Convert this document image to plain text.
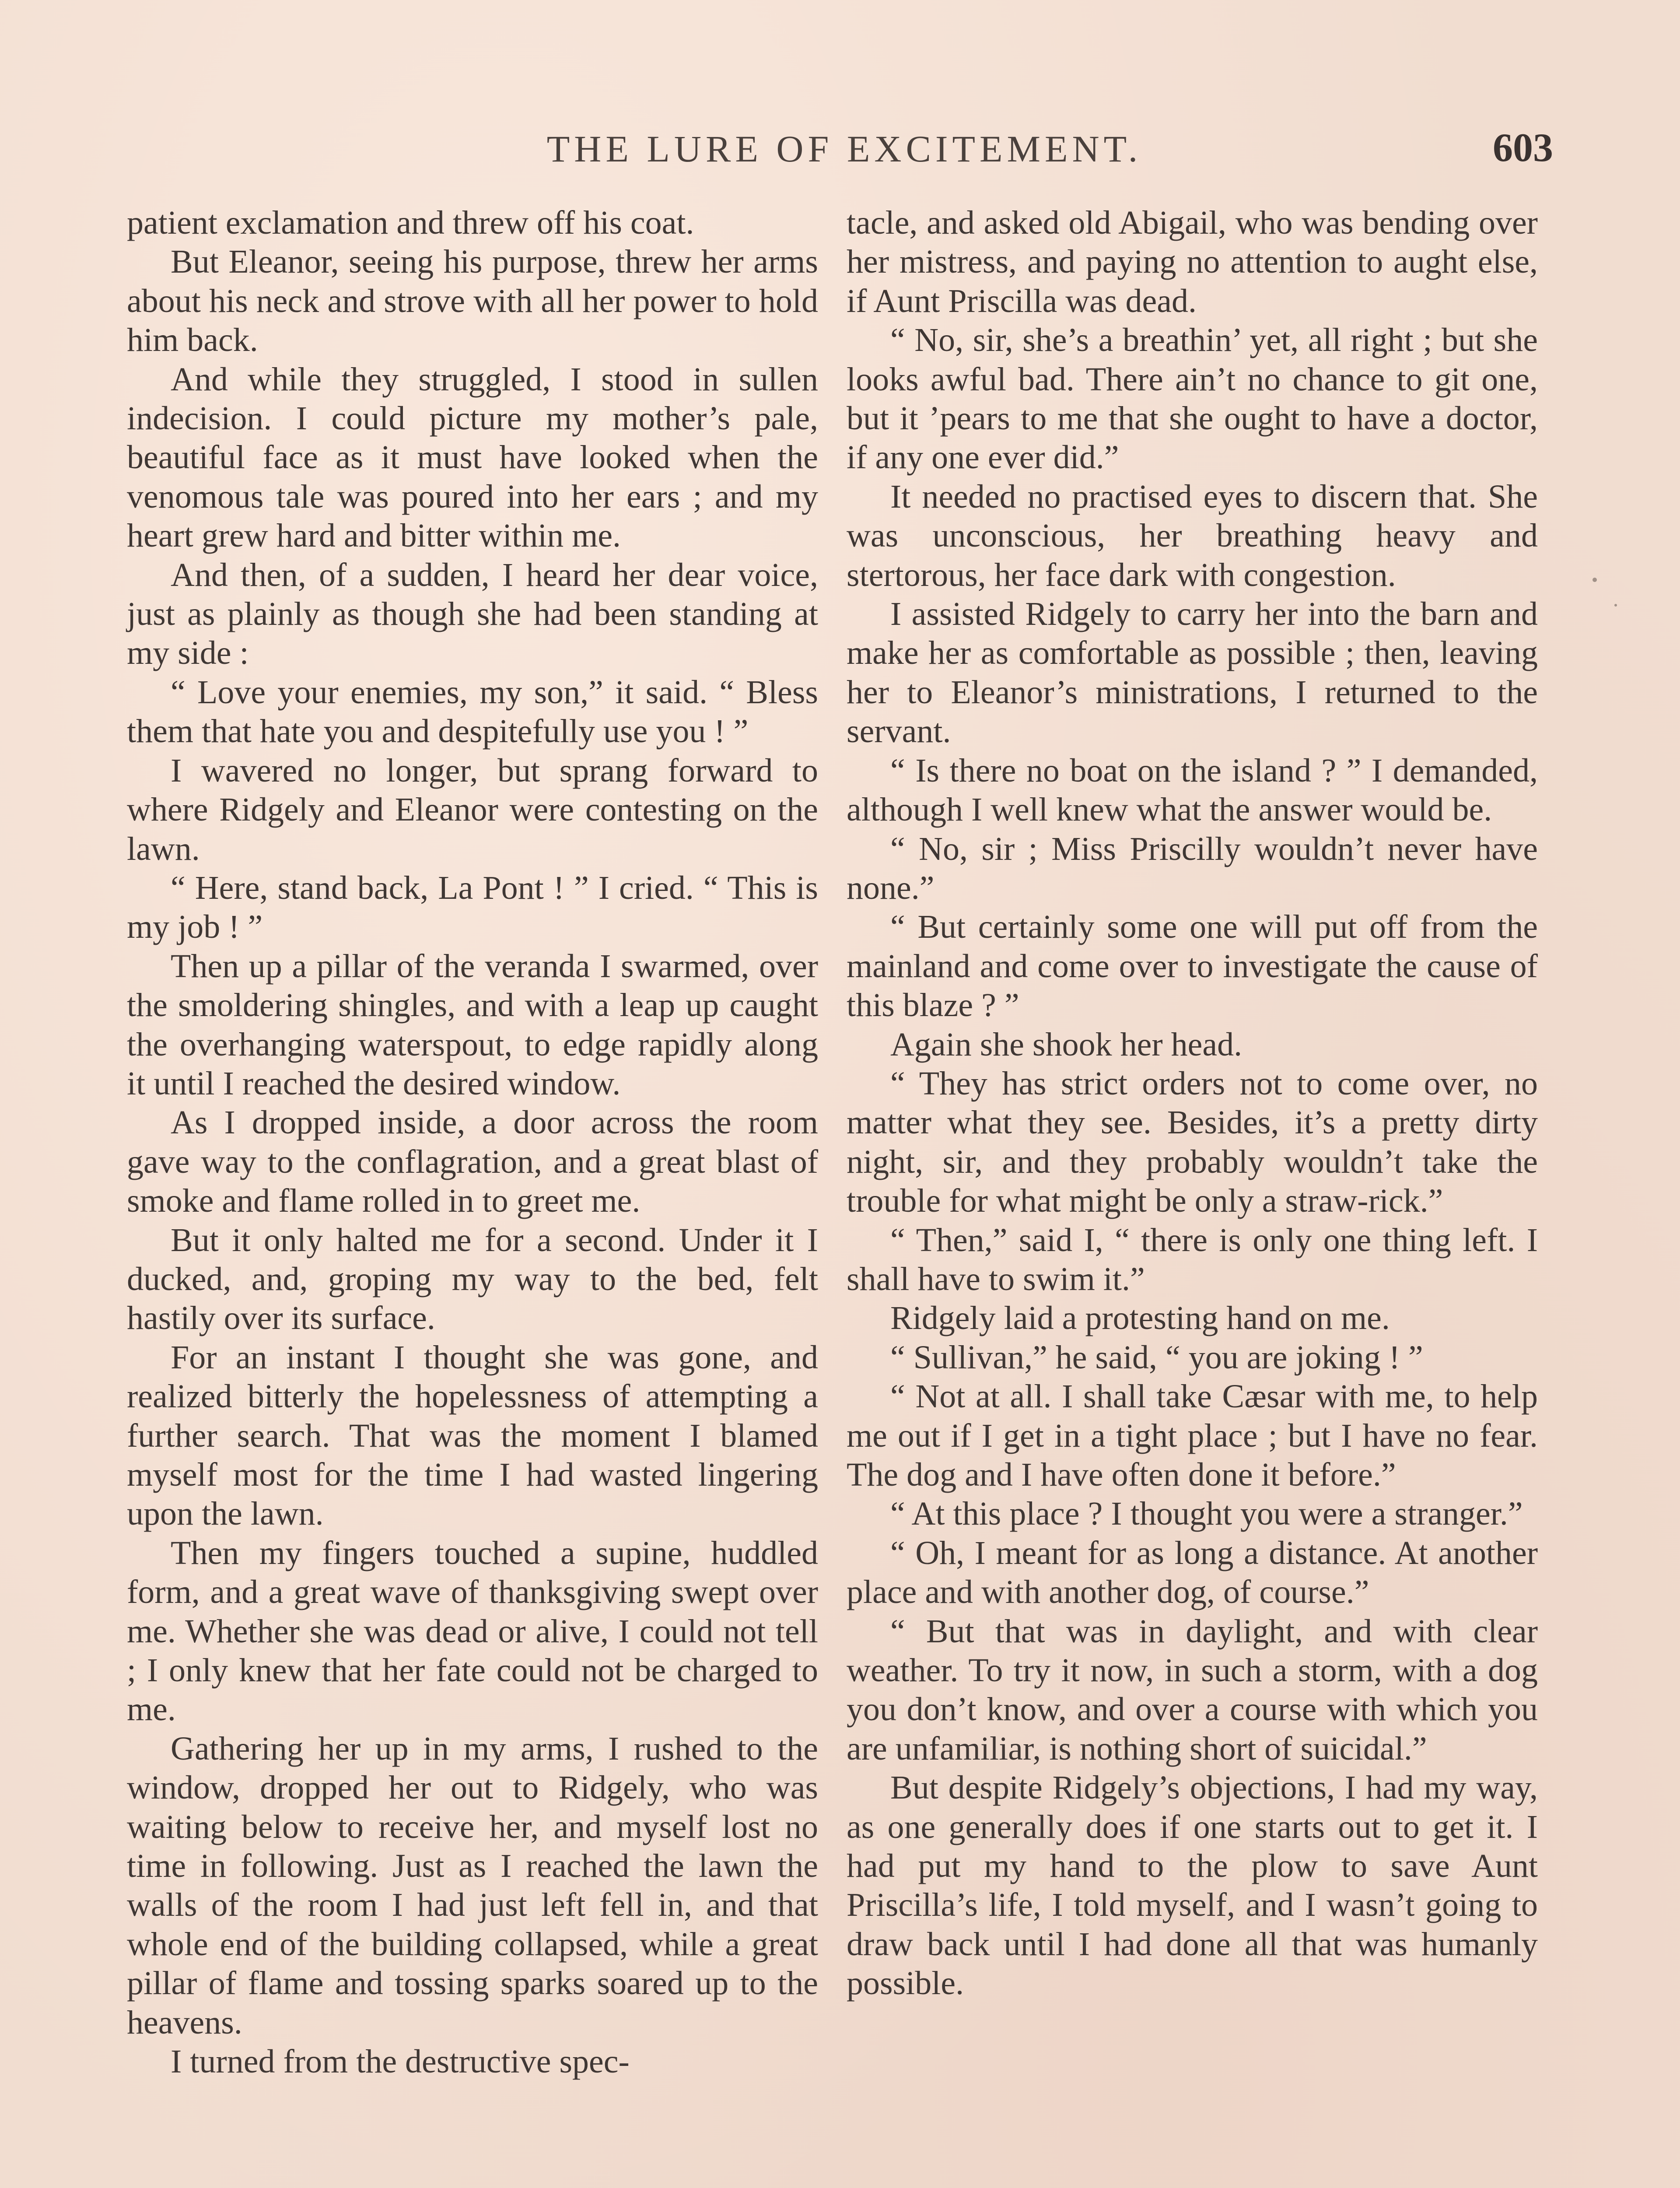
THE LURE OF EXCITEMENT.	603

patient exclamation and threw off his coat.

But Eleanor, seeing his purpose, threw her arms about his neck and strove with all her power to hold him back.

And while they struggled, I stood in sullen indecision. I could picture my mother’s pale, beautiful face as it must have looked when the venomous tale was poured into her ears ; and my heart grew hard and bitter within me.

And then, of a sudden, I heard her dear voice, just as plainly as though she had been standing at my side :

“ Love your enemies, my son,” it said. “ Bless them that hate you and despitefully use you ! ”

I wavered no longer, but sprang forward to where Ridgely and Eleanor were contesting on the lawn.

“ Here, stand back, La Pont ! ” I cried. “ This is my job ! ”

Then up a pillar of the veranda I swarmed, over the smoldering shingles, and with a leap up caught the overhanging waterspout, to edge rapidly along it until I reached the desired window.

As I dropped inside, a door across the room gave way to the conflagration, and a great blast of smoke and flame rolled in to greet me.

But it only halted me for a second. Under it I ducked, and, groping my way to the bed, felt hastily over its surface.

For an instant I thought she was gone, and realized bitterly the hopelessness of attempting a further search. That was the moment I blamed myself most for the time I had wasted lingering upon the lawn.

Then my fingers touched a supine, huddled form, and a great wave of thanksgiving swept over me. Whether she was dead or alive, I could not tell ; I only knew that her fate could not be charged to me.

Gathering her up in my arms, I rushed to the window, dropped her out to Ridgely, who was waiting below to receive her, and myself lost no time in following. Just as I reached the lawn the walls of the room I had just left fell in, and that whole end of the building collapsed, while a great pillar of flame and tossing sparks soared up to the heavens.

I turned from the destructive spec-

tacle, and asked old Abigail, who was bending over her mistress, and paying no attention to aught else, if Aunt Priscilla was dead.

“ No, sir, she’s a breathin’ yet, all right ; but she looks awful bad. There ain’t no chance to git one, but it ’pears to me that she ought to have a doctor, if any one ever did.”

It needed no practised eyes to discern that. She was unconscious, her breathing heavy and stertorous, her face dark with congestion.

I assisted Ridgely to carry her into the barn and make her as comfortable as possible ; then, leaving her to Eleanor’s ministrations, I returned to the servant.

“ Is there no boat on the island ? ” I demanded, although I well knew what the answer would be.

“ No, sir ; Miss Priscilly wouldn’t never have none.”

“ But certainly some one will put off from the mainland and come over to investigate the cause of this blaze ? ”

Again she shook her head.

“ They has strict orders not to come over, no matter what they see. Besides, it’s a pretty dirty night, sir, and they probably wouldn’t take the trouble for what might be only a straw-rick.”

“ Then,” said I, “ there is only one thing left. I shall have to swim it.”

Ridgely laid a protesting hand on me.

“ Sullivan,” he said, “ you are joking ! ”

“ Not at all. I shall take Cæsar with me, to help me out if I get in a tight place ; but I have no fear. The dog and I have often done it before.”

“ At this place ? I thought you were a stranger.”

“ Oh, I meant for as long a distance. At another place and with another dog, of course.”

“ But that was in daylight, and with clear weather. To try it now, in such a storm, with a dog you don’t know, and over a course with which you are unfamiliar, is nothing short of suicidal.”

But despite Ridgely’s objections, I had my way, as one generally does if one starts out to get it. I had put my hand to the plow to save Aunt Priscilla’s life, I told myself, and I wasn’t going to draw back until I had done all that was humanly possible.
